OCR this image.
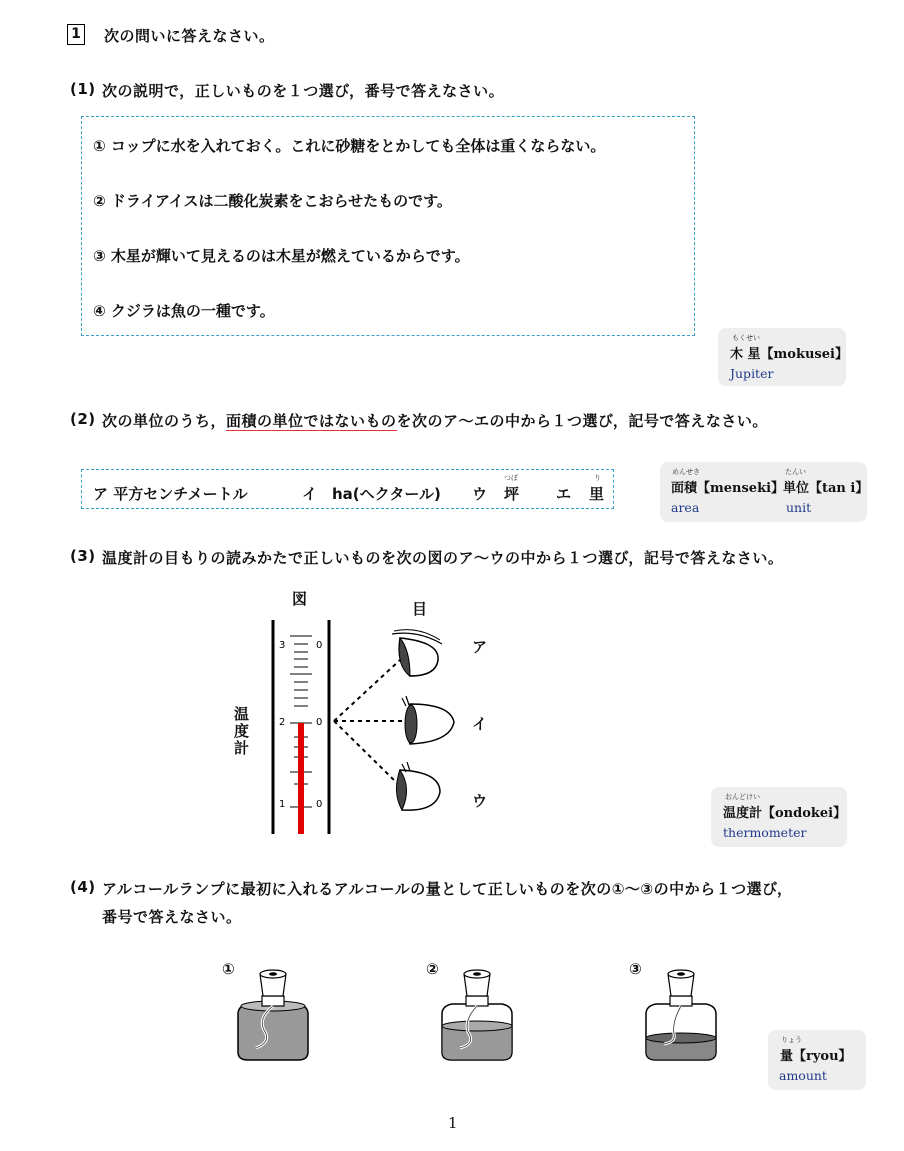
1 次の問いに答えなさい。
(1) 次の説明で，正しいものを１つ選び，番号で答えなさい。
① コップに水を入れておく。これに砂糖をとかしても全体は重くならない。
② ドライアイスは二酸化炭素をこおらせたものです。
③ 木星が輝いて見えるのは木星が燃えているからです。
④ クジラは魚の一種です。
もくせい
木 星【mokusei】
Jupiter
(2) 次の単位のうち，面積の単位ではないものを次のア～エの中から１つ選び，記号で答えなさい。
ア 平方センチメートル	イ　ha(ヘクタール) ウ
つぼ
坪 エ
り
里
めんせき
面積【menseki】
area
たんい
単位【tan i】
unit
(3) 温度計の目もりの読みかたで正しいものを次の図のア～ウの中から１つ選び，記号で答えなさい。
図
目
温度計
3	0
2	0
1	0
ア
イ
ウ	おんどけい
温度計【ondokei】
thermometer
(4) アルコールランプに最初に入れるアルコールの量として正しいものを次の①～③の中から１つ選び，
番号で答えなさい。
①	②	③
りょう
量【ryou】
amount
1
